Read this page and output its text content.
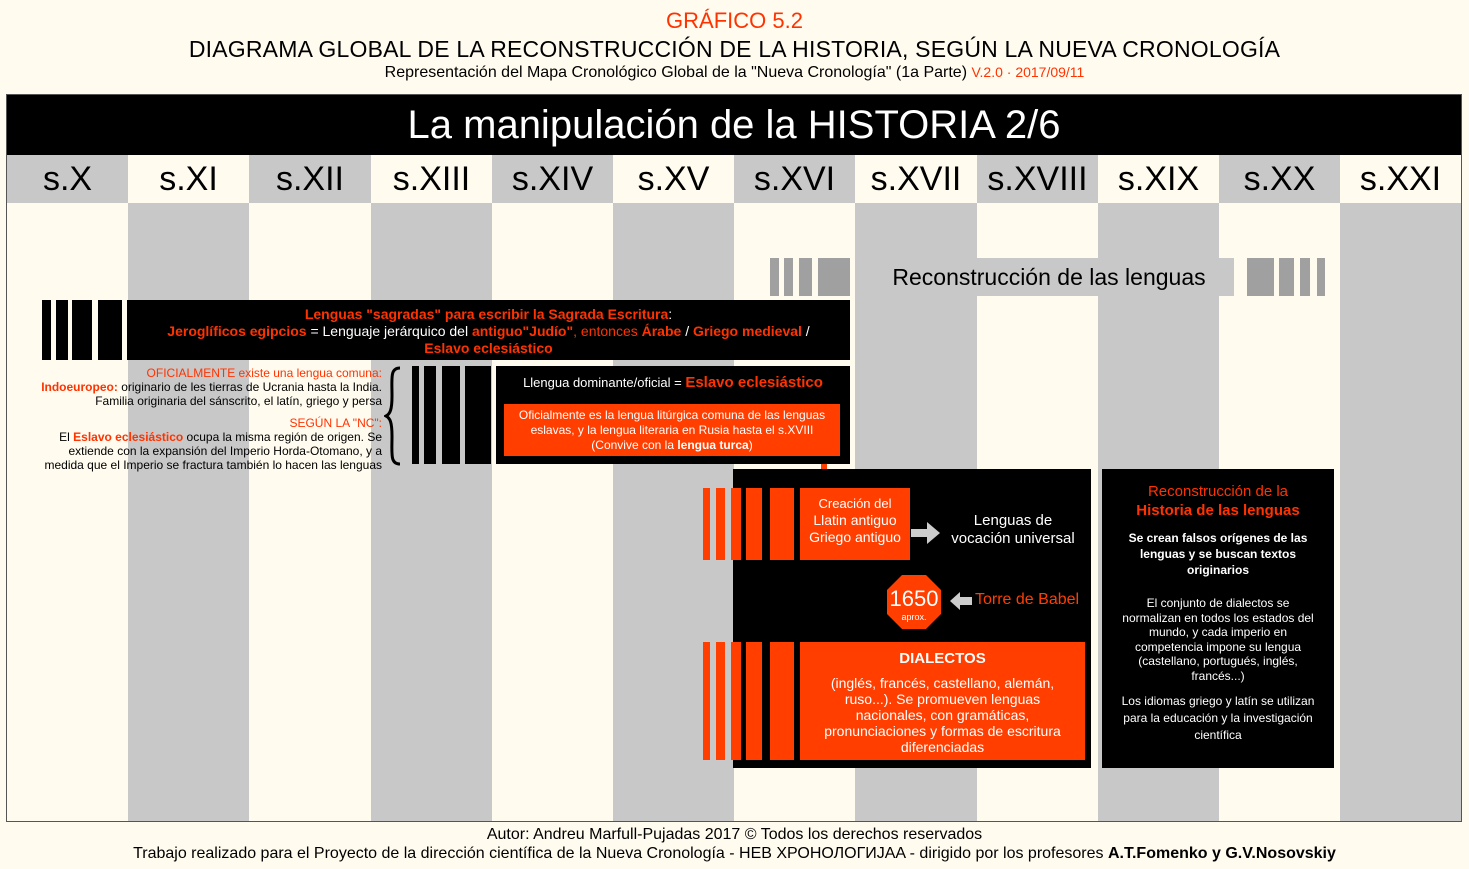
GRÁFICO 5.2
DIAGRAMA GLOBAL DE LA RECONSTRUCCIÓN DE LA HISTORIA, SEGÚN LA NUEVA CRONOLOGÍA
Representación del Mapa Cronológico Global de la "Nueva Cronología" (1a Parte) V.2.0 · 2017/09/11
s.X	s.XI	s.XII	s.XIII	s.XIV	s.XV	s.XVI	s.XVII s.XVIII s.XIX	s.XX	s.XXI
La manipulación de la HISTORIA 2/6
Reconstrucción de las lenguas
Lenguas "sagradas" para escribir la Sagrada Escritura:
Jeroglíficos egipcios = Lenguaje jerárquico del antiguo"Judío", entonces Árabe / Griego medieval /
Eslavo eclesiástico
OFICIALMENTE existe una lengua comuna:
Indoeuropeo: originario de les tierras de Ucrania hasta la India.
Familia originaria del sánscrito, el latín, griego y persa
SEGÚN LA "NC":
El Eslavo eclesiástico ocupa la misma región de origen. Se
extiende con la expansión del Imperio Horda-Otomano, y a
medida que el Imperio se fractura también lo hacen las lenguas
Llengua dominante/oficial = Eslavo eclesiástico
Oficialmente es la lengua litúrgica comuna de las lenguas
eslavas, y la lengua literaria en Rusia hasta el s.XVIII
(Convive con la lengua turca)
Creación del
Llatin antiguo
Griego antiguo
Lenguas de
vocación universal
1650
aprox.
Torre de Babel
DIALECTOS
(inglés, francés, castellano, alemán,
ruso...). Se promueven lenguas
nacionales, con gramáticas,
pronunciaciones y formas de escritura
diferenciadas
Reconstrucción de la
Historia de las lenguas
Se crean falsos orígenes de las
lenguas y se buscan textos
originarios
El conjunto de dialectos se
normalizan en todos los estados del
mundo, y cada imperio en
competencia impone su lengua
(castellano, portugués, inglés,
francés...)
Los idiomas griego y latín se utilizan
para la educación y la investigación
científica
Autor: Andreu Marfull-Pujadas 2017 © Todos los derechos reservados
Trabajo realizado para el Proyecto de la dirección científica de la Nueva Cronología - НЕВ ХРОНОЛОГИJAA - dirigido por los profesores A.T.Fomenko y G.V.Nosovskiy
